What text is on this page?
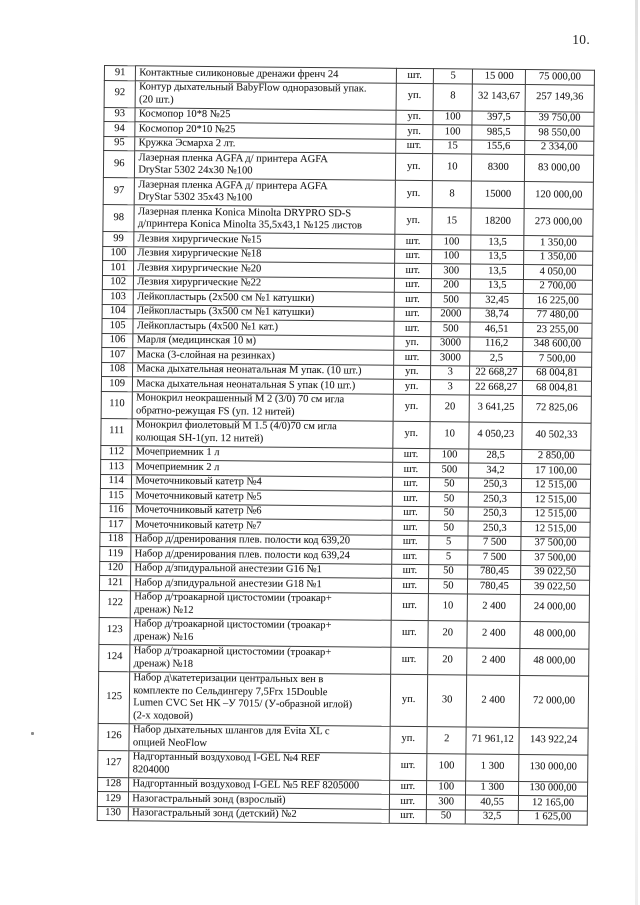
10.
91	Контактные силиконовые дренажи френч 24	шт.	5	15 000	75 000,00
92	Контур дыхательный BabyFlow одноразовый упак.
(20 шт.)	уп.	8	32 143,67	257 149,36
93	Космопор 10*8 №25	уп.	100	397,5	39 750,00
94	Космопор 20*10 №25	уп.	100	985,5	98 550,00
95	Кружка Эсмарха 2 лт.	шт.	15	155,6	2 334,00
96	Лазерная пленка AGFA д/ принтера AGFA
DryStar 5302 24x30 №100	уп.	10	8300	83 000,00
97	Лазерная пленка AGFA д/ принтера AGFA
DryStar 5302 35x43 №100	уп.	8	15000	120 000,00
98	Лазерная пленка Konica Minolta DRYPRO SD-S
д/принтера Konica Minolta 35,5x43,1 №125 листов	уп.	15	18200	273 000,00
99	Лезвия хирургические №15	шт.	100	13,5	1 350,00
100	Лезвия хирургические №18	шт.	100	13,5	1 350,00
101	Лезвия хирургические №20	шт.	300	13,5	4 050,00
102	Лезвия хирургические №22	шт.	200	13,5	2 700,00
103	Лейкопластырь (2x500 см №1 катушки)	шт.	500	32,45	16 225,00
104	Лейкопластырь (3x500 см №1 катушки)	шт.	2000	38,74	77 480,00
105	Лейкопластырь (4x500 №1 кат.)	шт.	500	46,51	23 255,00
106	Марля (медицинская 10 м)	уп.	3000	116,2	348 600,00
107	Маска (3-слойная на резинках)	шт.	3000	2,5	7 500,00
108	Маска дыхательная неонатальная М упак. (10 шт.)	уп.	3	22 668,27	68 004,81
109	Маска дыхательная неонатальная S упак (10 шт.)	уп.	3	22 668,27	68 004,81
110	Монокрил неокрашенный М 2 (3/0) 70 см игла
обратно-режущая FS (уп. 12 нитей)	уп.	20	3 641,25	72 825,06
111	Монокрил фиолетовый М 1.5 (4/0)70 см игла
колющая SH-1(уп. 12 нитей)	уп.	10	4 050,23	40 502,33
112	Мочеприемник 1 л	шт.	100	28,5	2 850,00
113	Мочеприемник 2 л	шт.	500	34,2	17 100,00
114	Мочеточниковый катетр №4	шт.	50	250,3	12 515,00
115	Мочеточниковый катетр №5	шт.	50	250,3	12 515,00
116	Мочеточниковый катетр №6	шт.	50	250,3	12 515,00
117	Мочеточниковый катетр №7	шт.	50	250,3	12 515,00
118	Набор д/дренирования плев. полости код 639,20	шт.	5	7 500	37 500,00
119	Набор д/дренирования плев. полости код 639,24	шт.	5	7 500	37 500,00
120	Набор д/зпидуральной анестезии G16 №1	шт.	50	780,45	39 022,50
121	Набор д/зпидуральной анестезии G18 №1	шт.	50	780,45	39 022,50
122	Набор д/троакарной цистостомии (троакар+
дренаж) №12	шт.	10	2 400	24 000,00
123	Набор д/троакарной цистостомии (троакар+
дренаж) №16	шт.	20	2 400	48 000,00
124	Набор д/троакарной цистостомии (троакар+
дренаж) №18	шт.	20	2 400	48 000,00
125	Набор д\катетеризации центральных вен в
комплекте по Сельдингеру 7,5Frx 15Double
Lumen CVC Set НК –У 7015/ (У-образной иглой)
(2-х ходовой)	уп.	30	2 400	72 000,00
126	Набор дыхательных шлангов для Evita XL с
опцией NeoFlow	уп.	2	71 961,12	143 922,24
127	Надгортанный воздуховод I-GEL №4 REF
8204000	шт.	100	1 300	130 000,00
128	Надгортанный воздуховод I-GEL №5 REF 8205000	шт.	100	1 300	130 000,00
129	Назогастральный зонд (взрослый)	шт.	300	40,55	12 165,00
130	Назогастральный зонд (детский) №2	шт.	50	32,5	1 625,00
